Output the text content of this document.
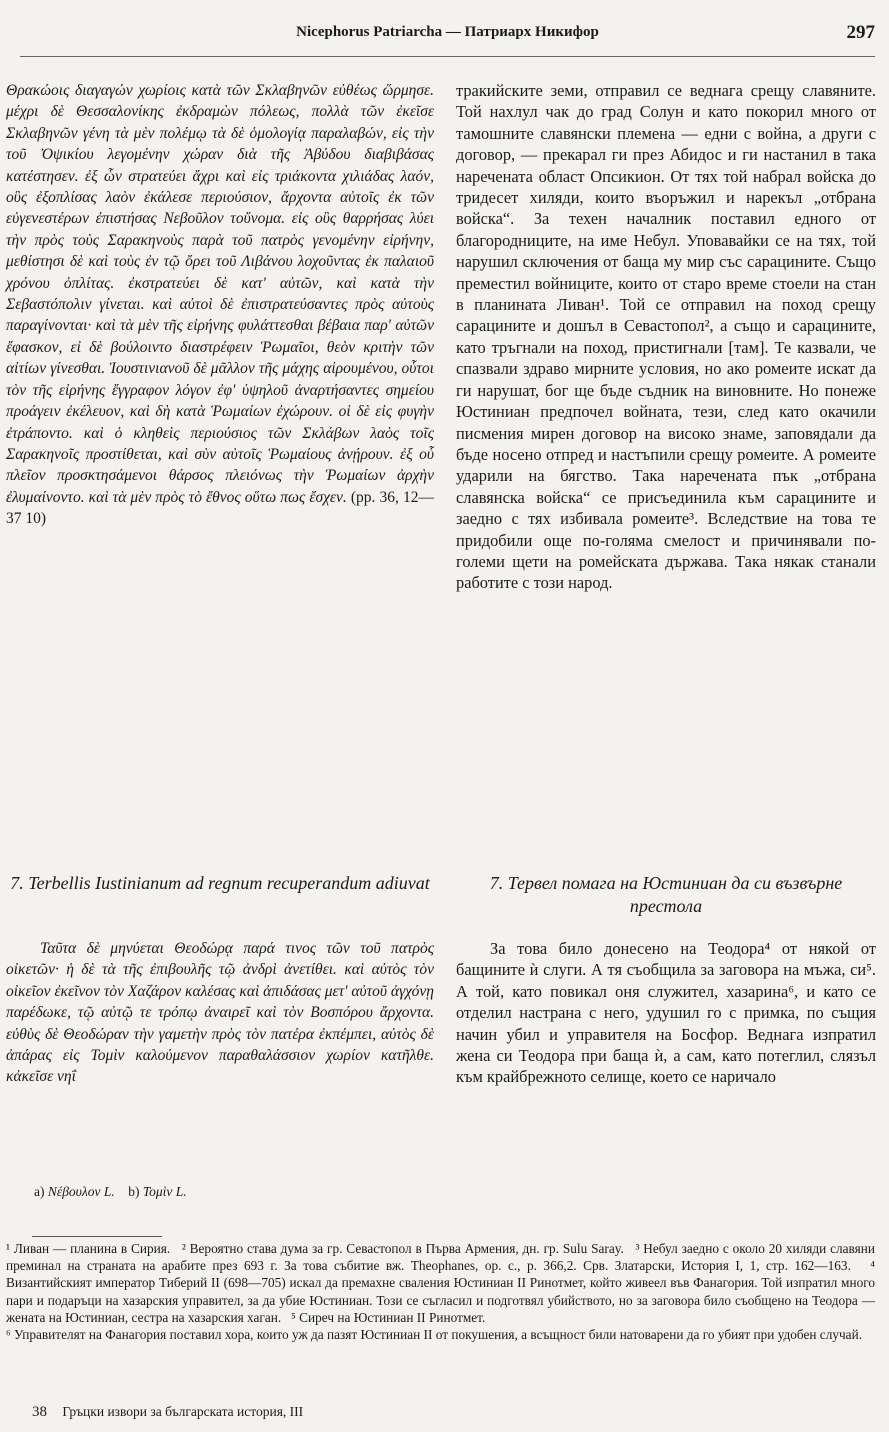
Nicephorus Patriarcha — Патриарх Никифор	297

Θρακώοις διαγαγών χωρίοις κατὰ τῶν Σκλαβηνῶν εὐθέως ὥρμησε. μέχρι δὲ Θεσσαλονίκης ἐκδραμὼν πόλεως, πολλὰ τῶν ἐκεῖσε Σκλαβηνῶν γένη τὰ μὲν πολέμῳ τὰ δὲ ὁμολογίᾳ παραλαβών, εἰς τὴν τοῦ Ὀψικίου λεγομένην χώραν διὰ τῆς Ἀβύδου διαβιβάσας κατέστησεν. ἐξ ὧν στρατεύει ἄχρι καὶ εἰς τριάκοντα χιλιάδας λαόν, οὓς ἐξοπλίσας λαὸν ἐκάλεσε περιούσιον, ἄρχοντα αὐτοῖς ἐκ τῶν εὐγενεστέρων ἐπιστήσας Νεβοῦλον τοὔνομα. εἰς οὓς θαρρήσας λύει τὴν πρὸς τοὺς Σαρακηνοὺς παρὰ τοῦ πατρὸς γενομένην εἰρήνην, μεθίστησι δὲ καὶ τοὺς ἐν τῷ ὄρει τοῦ Λιβάνου λοχοῦντας ἐκ παλαιοῦ χρόνου ὁπλίτας. ἐκστρατεύει δὲ κατ' αὐτῶν, καὶ κατὰ τὴν Σεβαστόπολιν γίνεται. καὶ αὐτοὶ δὲ ἐπιστρατεύσαντες πρὸς αὐτοὺς παραγίνονται· καὶ τὰ μὲν τῆς εἰρήνης φυλάττεσθαι βέβαια παρ' αὐτῶν ἔφασκον, εἰ δὲ βούλοιντο διαστρέφειν Ῥωμαῖοι, θεὸν κριτὴν τῶν αἰτίων γίνεσθαι. Ἰουστινιανοῦ δὲ μᾶλλον τῆς μάχης αἱρουμένου, οὗτοι τὸν τῆς εἰρήνης ἔγγραφον λόγον ἐφ' ὑψηλοῦ ἀναρτήσαντες σημείου προάγειν ἐκέλευον, καὶ δὴ κατὰ Ῥωμαίων ἐχώρουν. οἱ δὲ εἰς φυγὴν ἐτράποντο. καὶ ὁ κληθεὶς περιούσιος τῶν Σκλάβων λαὸς τοῖς Σαρακηνοῖς προστίθεται, καὶ σὺν αὐτοῖς Ῥωμαίους ἀνῄρουν. ἐξ οὗ πλεῖον προσκτησάμενοι θάρσος πλειόνως τὴν Ῥωμαίων ἀρχὴν ἐλυμαίνοντο. καὶ τὰ μὲν πρὸς τὸ ἔθνος οὕτω πως ἔσχεν. (pp. 36, 12—37 10)

тракийските земи, отправил се веднага срещу славяните. Той нахлул чак до град Солун и като покорил много от тамошните славянски племена — едни с война, а други с договор, — прекарал ги през Абидос и ги настанил в така наречената област Опсикион. От тях той набрал войска до тридесет хиляди, които въоръжил и нарекъл „отбрана войска“. За техен началник поставил едного от благородниците, на име Небул. Уповавайки се на тях, той нарушил сключения от баща му мир със сарацините. Също преместил войниците, които от старо време стоели на стан в планината Ливан¹. Той се отправил на поход срещу сарацините и дошъл в Севастопол², а също и сарацините, като тръгнали на поход, пристигнали [там]. Те казвали, че спазвали здраво мирните условия, но ако ромеите искат да ги нарушат, бог ще бъде съдник на виновните. Но понеже Юстиниан предпочел войната, тези, след като окачили писмения мирен договор на високо знаме, заповядали да бъде носено отпред и настъпили срещу ромеите. А ромеите ударили на бягство. Така наречената пък „отбрана славянска войска“ се присъединила към сарацините и заедно с тях избивала ромеите³. Вследствие на това те придобили още по-голяма смелост и причинявали по-големи щети на ромейската държава. Така някак станали работите с този народ.

7. Terbellis Iustinianum ad regnum recuperandum adiuvat	7. Тервел помага на Юстиниан да си възвърне престола

Ταῦτα δὲ μηνύεται Θεοδώρᾳ παρά τινος τῶν τοῦ πατρὸς οἰκετῶν· ἡ δὲ τὰ τῆς ἐπιβουλῆς τῷ ἀνδρὶ ἀνετίθει. καὶ αὐτὸς τὸν οἰκεῖον ἐκεῖνον τὸν Χαζάρον καλέσας καὶ ἀπιδάσας μετ' αὐτοῦ ἀγχόνῃ παρέδωκε, τῷ αὐτῷ τε τρόπῳ ἀναιρεῖ καὶ τὸν Βοσπόρου ἄρχοντα. εὐθὺς δὲ Θεοδώραν τὴν γαμετὴν πρὸς τὸν πατέρα ἐκπέμπει, αὐτὸς δὲ ἀπάρας εἰς Τομὶν καλούμενον παραθαλάσσιον χωρίον κατῆλθε. κἀκεῖσε νηΐ

За това било донесено на Теодора⁴ от някой от бащините ѝ слуги. А тя съобщила за заговора на мъжа, си⁵. А той, като повикал оня служител, хазарина⁶, и като се отделил настрана с него, удушил го с примка, по същия начин убил и управителя на Босфор. Веднага изпратил жена си Теодора при баща ѝ, а сам, като потеглил, слязъл към крайбрежното селище, което се наричало

a) Νέβουλον L. b) Τομὶν L.

¹ Ливан — планина в Сирия. ² Вероятно става дума за гр. Севастопол в Първа Армения, дн. гр. Sulu Saray. ³ Небул заедно с около 20 хиляди славяни преминал на страната на арабите през 693 г. За това събитие вж. Theophanes, op. c., p. 366,2. Срв. Златарски, История I, 1, стр. 162—163. ⁴ Византийският император Тиберий II (698—705) искал да премахне сваления Юстиниан II Ринотмет, който живеел във Фанагория. Той изпратил много пари и подаръци на хазарския управител, за да убие Юстиниан. Този се съгласил и подготвял убийството, но за заговора било съобщено на Теодора — жената на Юстиниан, сестра на хазарския хаган. ⁵ Сиреч на Юстиниан II Ринотмет.
⁶ Управителят на Фанагория поставил хора, които уж да пазят Юстиниан II от покушения, а всъщност били натоварени да го убият при удобен случай.

38 Гръцки извори за българската история, III
